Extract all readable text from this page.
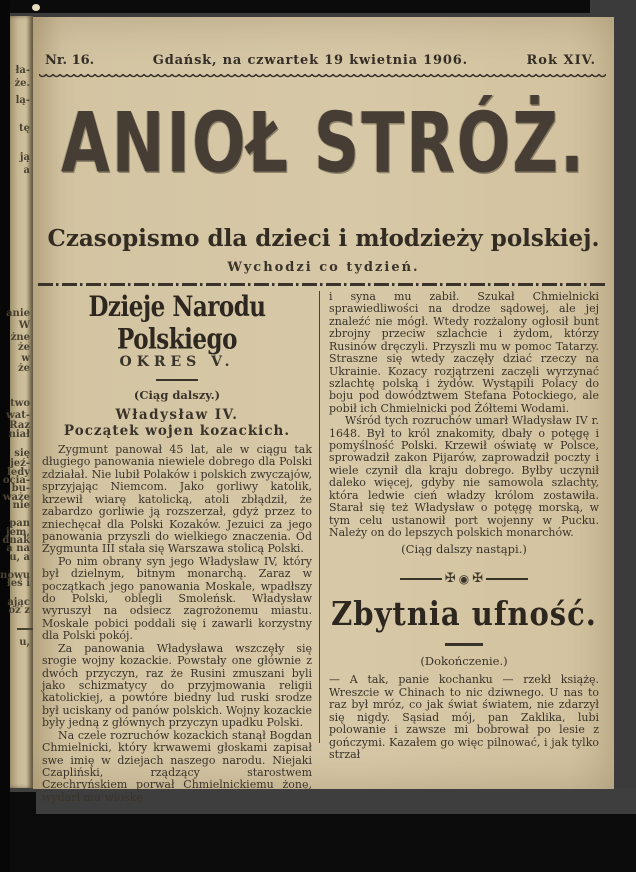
ła-
że.
lą-
tę
ją
a
anie
W
żne
że
w
że
two
wat-
Raz
niał
się
jeź-
ledy
ocia-
bu-
waże
nie
pan
jem,
dnak
a na
u, a
nowu
łeś i
ając
oż z
u,
Nr. 16.	Gdańsk, na czwartek 19 kwietnia 1906.	Rok XIV.
ANIOŁ STRÓŻ.
Czasopismo dla dzieci i młodzieży polskiej.
Wychodzi co tydzień.
Dzieje Narodu Polskiego
OKRES V.
(Ciąg dalszy.)
Władysław IV.
Początek wojen kozackich.

Zygmunt panował 45 lat, ale w ciągu tak długiego panowania niewiele dobrego dla Polski zdziałał. Nie lubił Polaków i polskich zwyczajów, sprzyjając Niemcom. Jako gorliwy katolik, krzewił wiarę katolicką, atoli zbłądził, że zabardzo gorliwie ją rozszerzał, gdyż przez to zniechęcał dla Polski Kozaków. Jezuici za jego panowania przyszli do wielkiego znaczenia. Od Zygmunta III stała się Warszawa stolicą Polski.

Po nim obrany syn jego Władysław IV, który był dzielnym, bitnym monarchą. Zaraz w początkach jego panowania Moskale, wpadłszy do Polski, oblegli Smoleńsk. Władysław wyruszył na odsiecz zagrożonemu miastu. Moskale pobici poddali się i zawarli korzystny dla Polski pokój.

Za panowania Władysława wszczęły się srogie wojny kozackie. Powstały one głównie z dwóch przyczyn, raz że Rusini zmuszani byli jako schizmatycy do przyjmowania religii katolickiej, a powtóre biedny lud ruski srodze był uciskany od panów polskich. Wojny kozackie były jedną z głównych przyczyn upadku Polski.

Na czele rozruchów kozackich stanął Bogdan Chmielnicki, który krwawemi głoskami zapisał swe imię w dziejach naszego narodu. Niejaki Czapliński, rządzący starostwem Czechryńskiem porwał Chmielnickiemu żonę, wydarł mu wioskę

i syna mu zabił. Szukał Chmielnicki sprawiedliwości na drodze sądowej, ale jej znaleźć nie mógł. Wtedy rozżalony ogłosił bunt zbrojny przeciw szlachcie i żydom, którzy Rusinów dręczyli. Przyszli mu w pomoc Tatarzy. Straszne się wtedy zaczęły dziać rzeczy na Ukrainie. Kozacy rozjątrzeni zaczęli wyrzynać szlachtę polską i żydów. Wystąpili Polacy do boju pod dowództwem Stefana Potockiego, ale pobił ich Chmielnicki pod Żółtemi Wodami.

Wśród tych rozruchów umarł Władysław IV r. 1648. Był to król znakomity, dbały o potęgę i pomyślność Polski. Krzewił oświatę w Polsce, sprowadził zakon Pijarów, zaprowadził poczty i wiele czynił dla kraju dobrego. Byłby uczynił daleko więcej, gdyby nie samowola szlachty, która ledwie cień władzy królom zostawiła. Starał się też Władysław o potęgę morską, w tym celu ustanowił port wojenny w Pucku. Należy on do lepszych polskich monarchów.

(Ciąg dalszy nastąpi.)
✠ ◉ ✠
Zbytnia ufność.
(Dokończenie.)

— A tak, panie kochanku — rzekł książę. Wreszcie w Chinach to nic dziwnego. U nas to raz był mróz, co jak świat światem, nie zdarzył się nigdy. Sąsiad mój, pan Zaklika, lubi polowanie i zawsze mi bobrował po lesie z gończymi. Kazałem go więc pilnować, i jak tylko strzał
